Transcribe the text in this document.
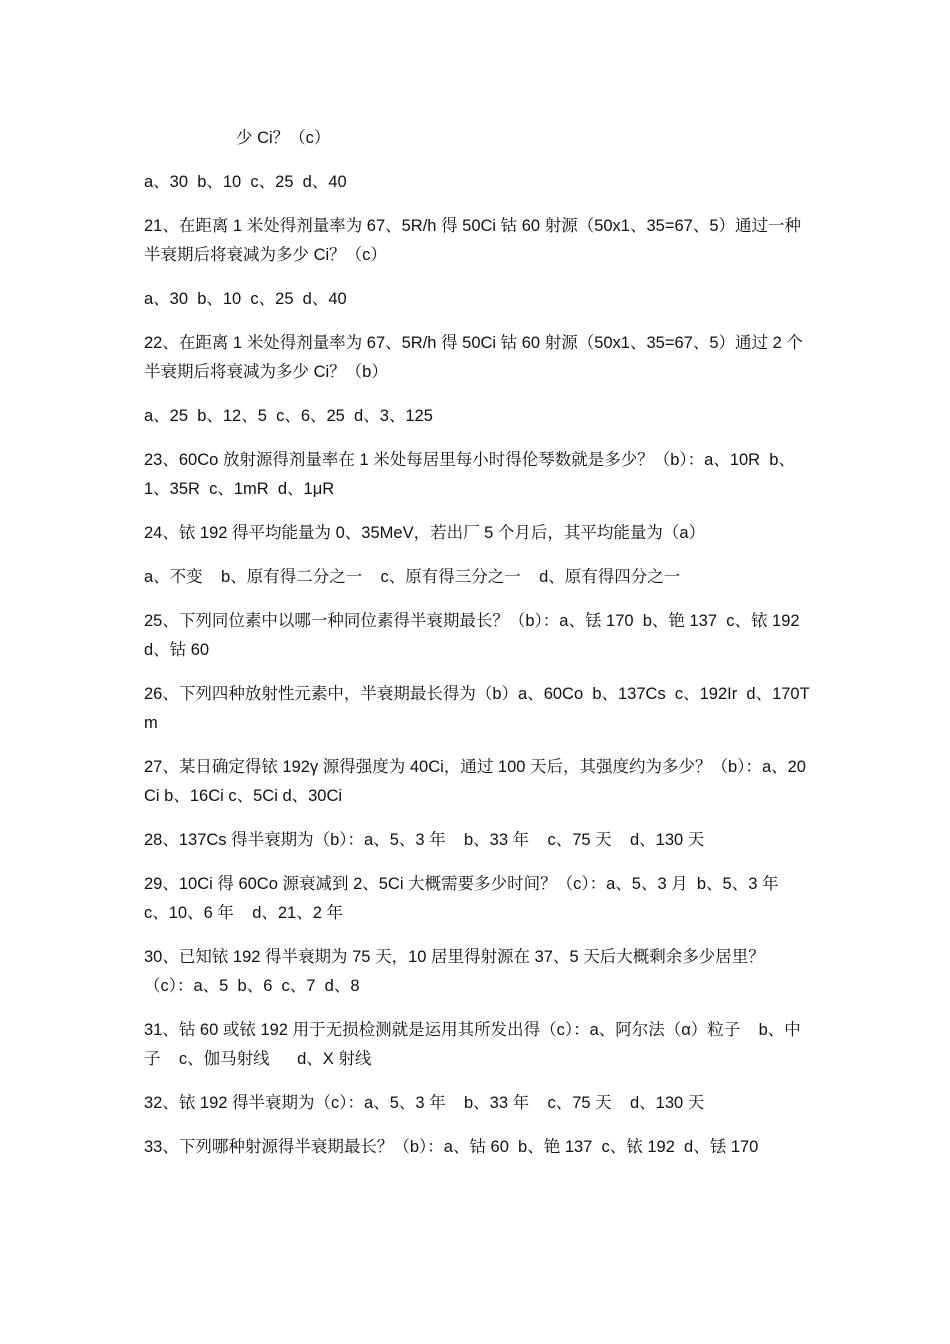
少 Ci？（c）

a、30  b、10  c、25  d、40

21、在距离 1 米处得剂量率为 67、5R/h 得 50Ci 钴 60 射源（50x1、35=67、5）通过一种半衰期后将衰减为多少 Ci？（c）

a、30  b、10  c、25  d、40

22、在距离 1 米处得剂量率为 67、5R/h 得 50Ci 钴 60 射源（50x1、35=67、5）通过 2 个半衰期后将衰减为多少 Ci？（b）

a、25  b、12、5  c、6、25  d、3、125

23、60Co 放射源得剂量率在 1 米处每居里每小时得伦琴数就是多少？（b）：a、10R  b、1、35R  c、1mR  d、1μR

24、铱 192 得平均能量为 0、35MeV，若出厂 5 个月后，其平均能量为（a）

a、不变    b、原有得二分之一    c、原有得三分之一    d、原有得四分之一

25、下列同位素中以哪一种同位素得半衰期最长？（b）：a、铥 170  b、铯 137  c、铱 192  d、钴 60

26、下列四种放射性元素中，半衰期最长得为（b）a、60Co  b、137Cs  c、192Ir  d、170Tm

27、某日确定得铱 192γ 源得强度为 40Ci，通过 100 天后，其强度约为多少？（b）：a、20Ci b、16Ci c、5Ci d、30Ci

28、137Cs 得半衰期为（b）：a、5、3 年    b、33 年    c、75 天    d、130 天

29、10Ci 得 60Co 源衰减到 2、5Ci 大概需要多少时间？（c）：a、5、3 月  b、5、3 年    c、10、6 年    d、21、2 年

30、已知铱 192 得半衰期为 75 天，10 居里得射源在 37、5 天后大概剩余多少居里？（c）：a、5  b、6  c、7  d、8

31、钴 60 或铱 192 用于无损检测就是运用其所发出得（c）：a、阿尔法（α）粒子    b、中子    c、伽马射线      d、X 射线

32、铱 192 得半衰期为（c）：a、5、3 年    b、33 年    c、75 天    d、130 天

33、下列哪种射源得半衰期最长？（b）：a、钴 60  b、铯 137  c、铱 192  d、铥 170
